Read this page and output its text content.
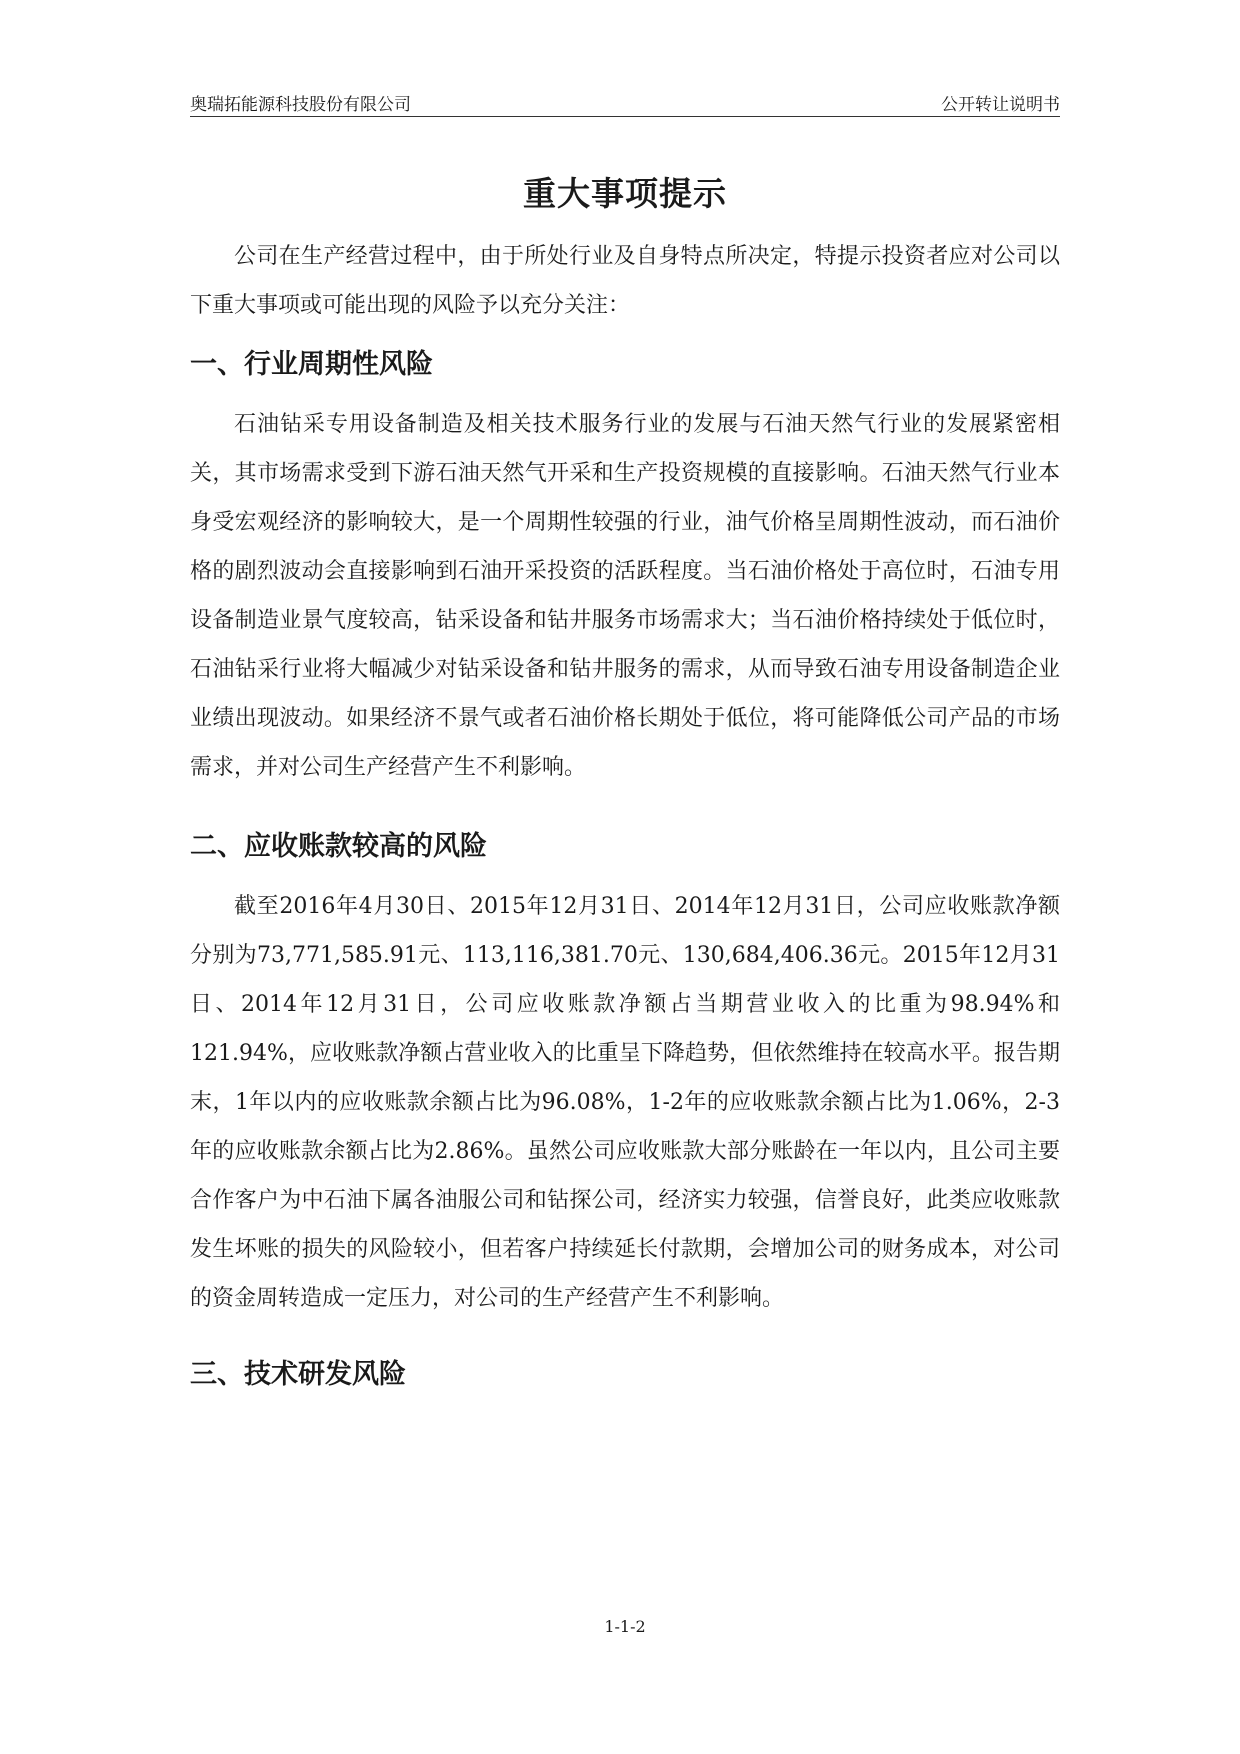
奥瑞拓能源科技股份有限公司	公开转让说明书
重大事项提示

公司在生产经营过程中，由于所处行业及自身特点所决定，特提示投资者应对公司以下重大事项或可能出现的风险予以充分关注：

一、行业周期性风险

石油钻采专用设备制造及相关技术服务行业的发展与石油天然气行业的发展紧密相关，其市场需求受到下游石油天然气开采和生产投资规模的直接影响。石油天然气行业本身受宏观经济的影响较大，是一个周期性较强的行业，油气价格呈周期性波动，而石油价格的剧烈波动会直接影响到石油开采投资的活跃程度。当石油价格处于高位时，石油专用设备制造业景气度较高，钻采设备和钻井服务市场需求大；当石油价格持续处于低位时，石油钻采行业将大幅减少对钻采设备和钻井服务的需求，从而导致石油专用设备制造企业业绩出现波动。如果经济不景气或者石油价格长期处于低位，将可能降低公司产品的市场需求，并对公司生产经营产生不利影响。

二、应收账款较高的风险

截至2016年4月30日、2015年12月31日、2014年12月31日，公司应收账款净额分别为73,771,585.91元、113,116,381.70元、130,684,406.36元。2015年12月31日、2014年12月31日，公司应收账款净额占当期营业收入的比重为98.94%和121.94%，应收账款净额占营业收入的比重呈下降趋势，但依然维持在较高水平。报告期末，1年以内的应收账款余额占比为96.08%，1-2年的应收账款余额占比为1.06%，2-3年的应收账款余额占比为2.86%。虽然公司应收账款大部分账龄在一年以内，且公司主要合作客户为中石油下属各油服公司和钻探公司，经济实力较强，信誉良好，此类应收账款发生坏账的损失的风险较小，但若客户持续延长付款期，会增加公司的财务成本，对公司的资金周转造成一定压力，对公司的生产经营产生不利影响。

三、技术研发风险
1-1-2
